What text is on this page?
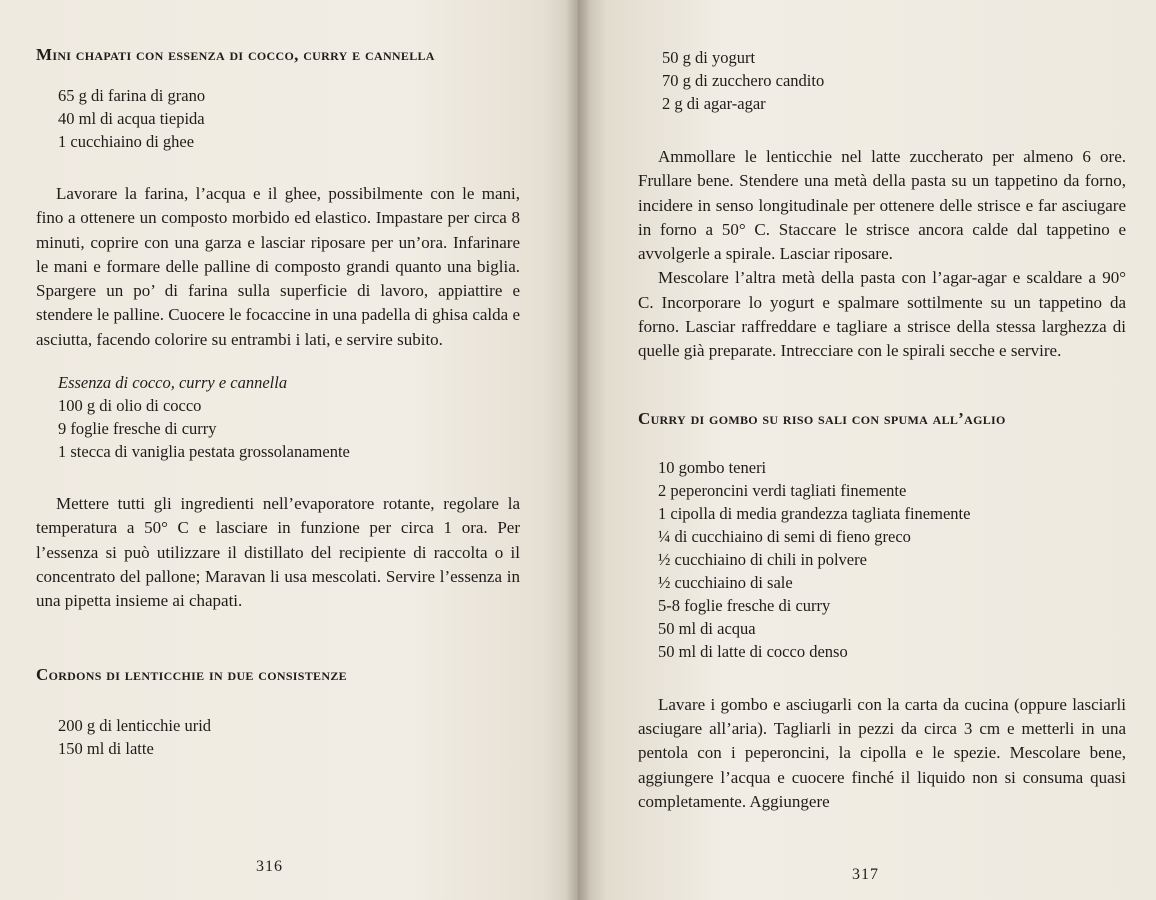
Mini chapati con essenza di cocco, curry e cannella
65 g di farina di grano
40 ml di acqua tiepida
1 cucchiaino di ghee

Lavorare la farina, l’acqua e il ghee, possibilmente con le mani, fino a ottenere un composto morbido ed elastico. Impastare per circa 8 minuti, coprire con una garza e lasciar riposare per un’ora. Infarinare le mani e formare delle palline di composto grandi quanto una biglia. Spargere un po’ di farina sulla superficie di lavoro, appiattire e stendere le palline. Cuocere le focaccine in una padella di ghisa calda e asciutta, facendo colorire su entrambi i lati, e servire subito.

Essenza di cocco, curry e cannella

100 g di olio di cocco
9 foglie fresche di curry
1 stecca di vaniglia pestata grossolanamente

Mettere tutti gli ingredienti nell’evaporatore rotante, regolare la temperatura a 50° C e lasciare in funzione per circa 1 ora. Per l’essenza si può utilizzare il distillato del recipiente di raccolta o il concentrato del pallone; Maravan li usa mescolati. Servire l’essenza in una pipetta insieme ai chapati.

Cordons di lenticchie in due consistenze
200 g di lenticchie urid
150 ml di latte
316
50 g di yogurt
70 g di zucchero candito
2 g di agar-agar

Ammollare le lenticchie nel latte zuccherato per almeno 6 ore. Frullare bene. Stendere una metà della pasta su un tappetino da forno, incidere in senso longitudinale per ottenere delle strisce e far asciugare in forno a 50° C. Staccare le strisce ancora calde dal tappetino e avvolgerle a spirale. Lasciar riposare.

Mescolare l’altra metà della pasta con l’agar-agar e scaldare a 90° C. Incorporare lo yogurt e spalmare sottilmente su un tappetino da forno. Lasciar raffreddare e tagliare a strisce della stessa larghezza di quelle già preparate. Intrecciare con le spirali secche e servire.

Curry di gombo su riso sali con spuma all’aglio
10 gombo teneri
2 peperoncini verdi tagliati finemente
1 cipolla di media grandezza tagliata finemente
¼ di cucchiaino di semi di fieno greco
½ cucchiaino di chili in polvere
½ cucchiaino di sale
5-8 foglie fresche di curry
50 ml di acqua
50 ml di latte di cocco denso

Lavare i gombo e asciugarli con la carta da cucina (oppure lasciarli asciugare all’aria). Tagliarli in pezzi da circa 3 cm e metterli in una pentola con i peperoncini, la cipolla e le spezie. Mescolare bene, aggiungere l’acqua e cuocere finché il liquido non si consuma quasi completamente. Aggiungere

317
